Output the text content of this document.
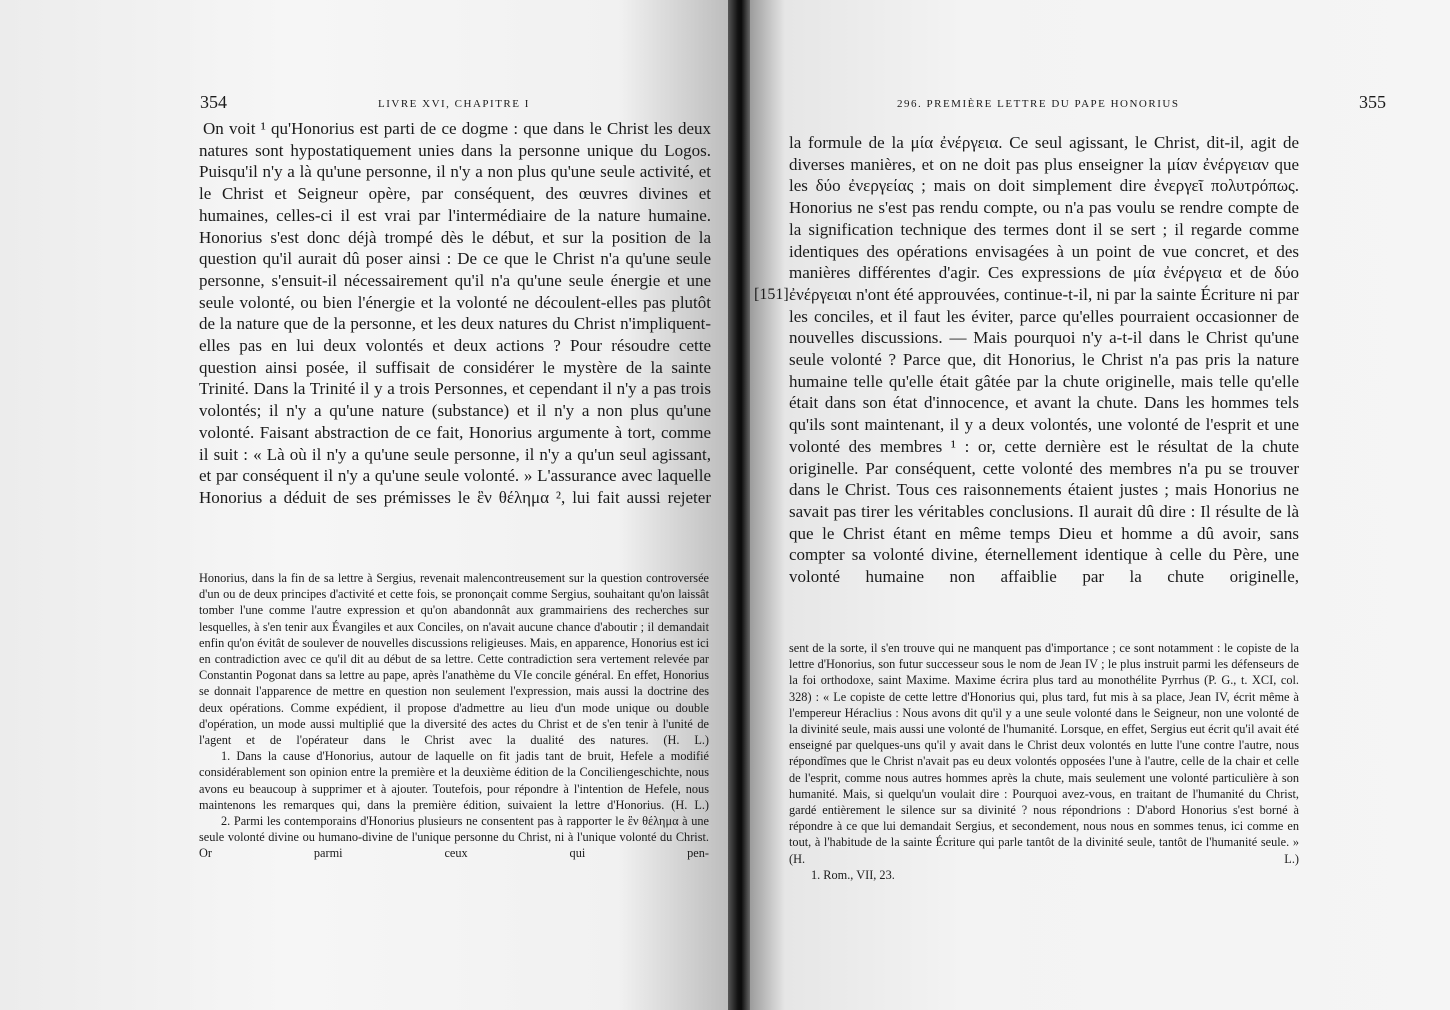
354	LIVRE XVI, CHAPITRE I

On voit ¹ qu'Honorius est parti de ce dogme : que dans le Christ les deux natures sont hypostatiquement unies dans la personne unique du Logos. Puisqu'il n'y a là qu'une personne, il n'y a non plus qu'une seule activité, et le Christ et Seigneur opère, par conséquent, des œuvres divines et humaines, celles-ci il est vrai par l'intermédiaire de la nature humaine. Honorius s'est donc déjà trompé dès le début, et sur la position de la question qu'il aurait dû poser ainsi : De ce que le Christ n'a qu'une seule personne, s'ensuit-il nécessairement qu'il n'a qu'une seule énergie et une seule volonté, ou bien l'énergie et la volonté ne découlent-elles pas plutôt de la nature que de la personne, et les deux natures du Christ n'impliquent-elles pas en lui deux volontés et deux actions ? Pour résoudre cette question ainsi posée, il suffisait de considérer le mystère de la sainte Trinité. Dans la Trinité il y a trois Personnes, et cependant il n'y a pas trois volontés; il n'y a qu'une nature (substance) et il n'y a non plus qu'une volonté. Faisant abstraction de ce fait, Honorius argumente à tort, comme il suit : « Là où il n'y a qu'une seule personne, il n'y a qu'un seul agissant, et par conséquent il n'y a qu'une seule volonté. » L'assurance avec laquelle Honorius a déduit de ses prémisses le ἓν θέλημα ², lui fait aussi rejeter

Honorius, dans la fin de sa lettre à Sergius, revenait malencontreusement sur la question controversée d'un ou de deux principes d'activité et cette fois, se prononçait comme Sergius, souhaitant qu'on laissât tomber l'une comme l'autre expression et qu'on abandonnât aux grammairiens des recherches sur lesquelles, à s'en tenir aux Évangiles et aux Conciles, on n'avait aucune chance d'aboutir ; il demandait enfin qu'on évitât de soulever de nouvelles discussions religieuses. Mais, en apparence, Honorius est ici en contradiction avec ce qu'il dit au début de sa lettre. Cette contradiction sera vertement relevée par Constantin Pogonat dans sa lettre au pape, après l'anathème du VIe concile général. En effet, Honorius se donnait l'apparence de mettre en question non seulement l'expression, mais aussi la doctrine des deux opérations. Comme expédient, il propose d'admettre au lieu d'un mode unique ou double d'opération, un mode aussi multiplié que la diversité des actes du Christ et de s'en tenir à l'unité de l'agent et de l'opérateur dans le Christ avec la dualité des natures. (H. L.)

1. Dans la cause d'Honorius, autour de laquelle on fit jadis tant de bruit, Hefele a modifié considérablement son opinion entre la première et la deuxième édition de la Conciliengeschichte, nous avons eu beaucoup à supprimer et à ajouter. Toutefois, pour répondre à l'intention de Hefele, nous maintenons les remarques qui, dans la première édition, suivaient la lettre d'Honorius. (H. L.)

2. Parmi les contemporains d'Honorius plusieurs ne consentent pas à rapporter le ἓν θέλημα à une seule volonté divine ou humano-divine de l'unique personne du Christ, ni à l'unique volonté du Christ. Or parmi ceux qui pen-

296. PREMIÈRE LETTRE DU PAPE HONORIUS	355
[151]

la formule de la μία ἐνέργεια. Ce seul agissant, le Christ, dit-il, agit de diverses manières, et on ne doit pas plus enseigner la μίαν ἐνέργειαν que les δύο ἐνεργείας ; mais on doit simplement dire ἐνεργεῖ πολυτρόπως. Honorius ne s'est pas rendu compte, ou n'a pas voulu se rendre compte de la signification technique des termes dont il se sert ; il regarde comme identiques des opérations envisagées à un point de vue concret, et des manières différentes d'agir. Ces expressions de μία ἐνέργεια et de δύο ἐνέργειαι n'ont été approuvées, continue-t-il, ni par la sainte Écriture ni par les conciles, et il faut les éviter, parce qu'elles pourraient occasionner de nouvelles discussions. — Mais pourquoi n'y a-t-il dans le Christ qu'une seule volonté ? Parce que, dit Honorius, le Christ n'a pas pris la nature humaine telle qu'elle était gâtée par la chute originelle, mais telle qu'elle était dans son état d'innocence, et avant la chute. Dans les hommes tels qu'ils sont maintenant, il y a deux volontés, une volonté de l'esprit et une volonté des membres ¹ : or, cette dernière est le résultat de la chute originelle. Par conséquent, cette volonté des membres n'a pu se trouver dans le Christ. Tous ces raisonnements étaient justes ; mais Honorius ne savait pas tirer les véritables conclusions. Il aurait dû dire : Il résulte de là que le Christ étant en même temps Dieu et homme a dû avoir, sans compter sa volonté divine, éternellement identique à celle du Père, une volonté humaine non affaiblie par la chute originelle,

sent de la sorte, il s'en trouve qui ne manquent pas d'importance ; ce sont notamment : le copiste de la lettre d'Honorius, son futur successeur sous le nom de Jean IV ; le plus instruit parmi les défenseurs de la foi orthodoxe, saint Maxime. Maxime écrira plus tard au monothélite Pyrrhus (P. G., t. XCI, col. 328) : « Le copiste de cette lettre d'Honorius qui, plus tard, fut mis à sa place, Jean IV, écrit même à l'empereur Héraclius : Nous avons dit qu'il y a une seule volonté dans le Seigneur, non une volonté de la divinité seule, mais aussi une volonté de l'humanité. Lorsque, en effet, Sergius eut écrit qu'il avait été enseigné par quelques-uns qu'il y avait dans le Christ deux volontés en lutte l'une contre l'autre, nous répondîmes que le Christ n'avait pas eu deux volontés opposées l'une à l'autre, celle de la chair et celle de l'esprit, comme nous autres hommes après la chute, mais seulement une volonté particulière à son humanité. Mais, si quelqu'un voulait dire : Pourquoi avez-vous, en traitant de l'humanité du Christ, gardé entièrement le silence sur sa divinité ? nous répondrions : D'abord Honorius s'est borné à répondre à ce que lui demandait Sergius, et secondement, nous nous en sommes tenus, ici comme en tout, à l'habitude de la sainte Écriture qui parle tantôt de la divinité seule, tantôt de l'humanité seule. » (H. L.)

1. Rom., VII, 23.
